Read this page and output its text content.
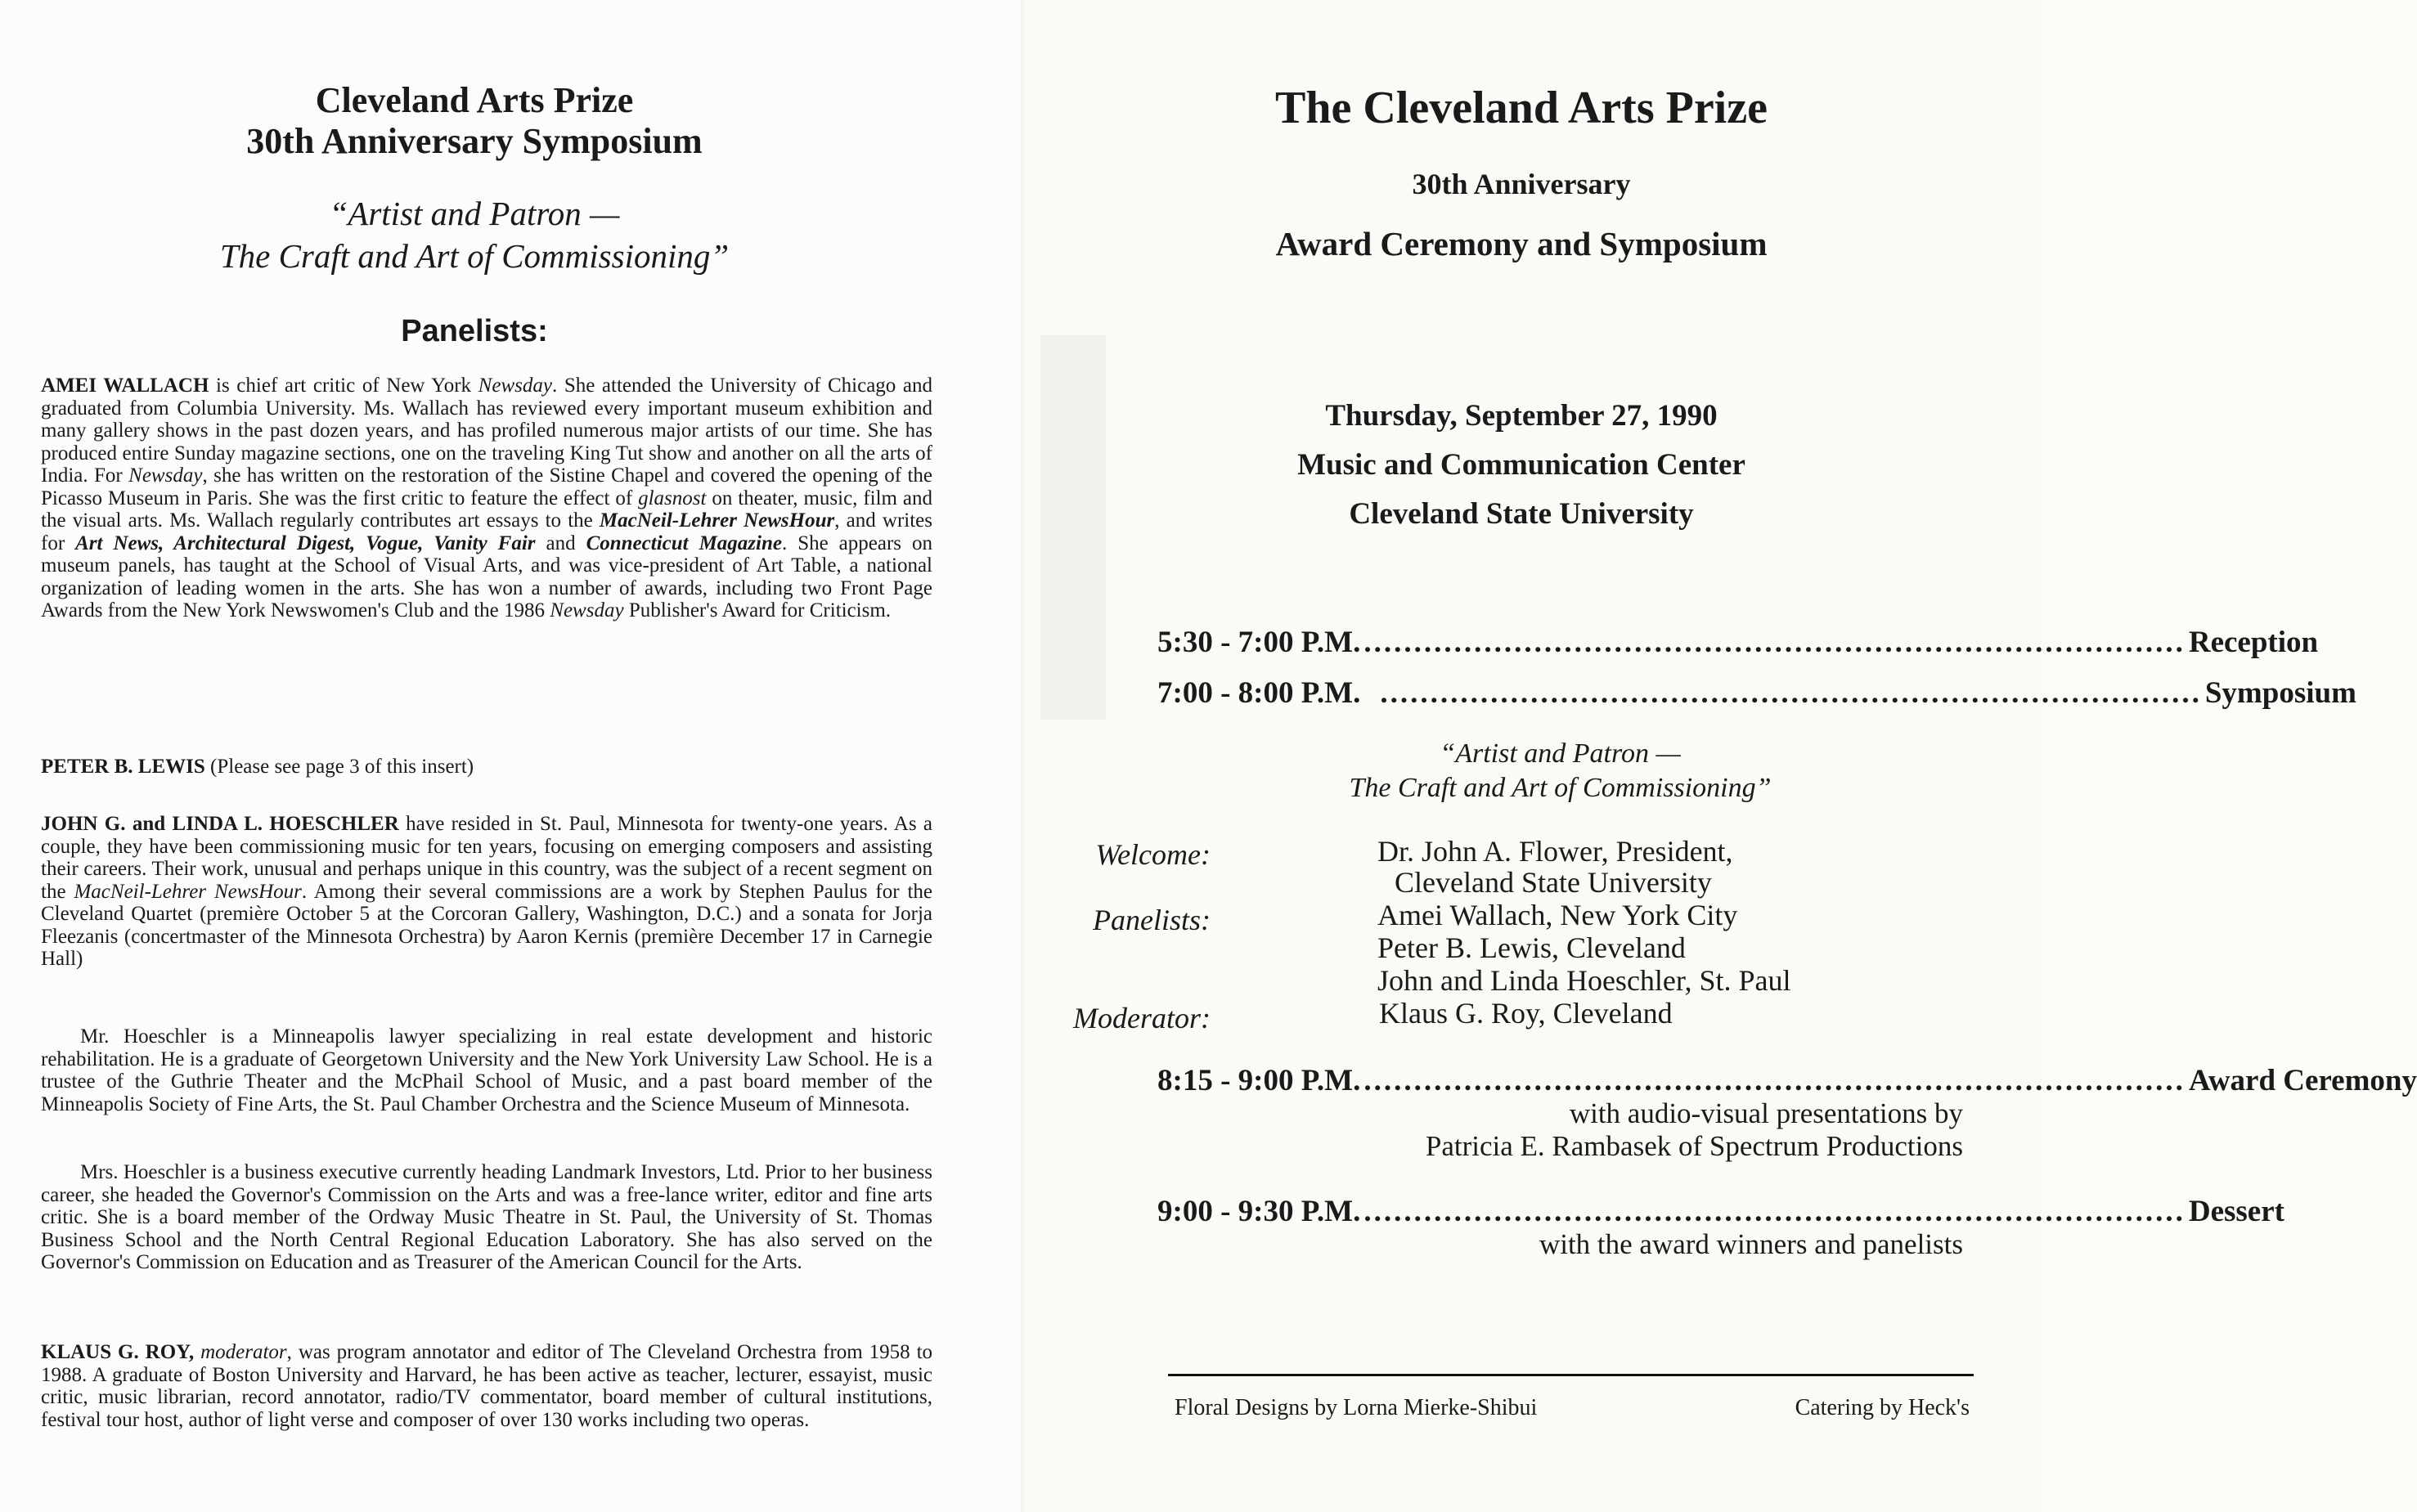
Cleveland Arts Prize
30th Anniversary Symposium
“Artist and Patron —
The Craft and Art of Commissioning”
Panelists:

AMEI WALLACH is chief art critic of New York Newsday. She attended the University of Chicago and graduated from Columbia University. Ms. Wallach has reviewed every important museum exhibition and many gallery shows in the past dozen years, and has profiled numerous major artists of our time. She has produced entire Sunday magazine sections, one on the traveling King Tut show and another on all the arts of India. For Newsday, she has written on the restoration of the Sistine Chapel and covered the opening of the Picasso Museum in Paris. She was the first critic to feature the effect of glasnost on theater, music, film and the visual arts. Ms. Wallach regularly contributes art essays to the MacNeil-Lehrer NewsHour, and writes for Art News, Architectural Digest, Vogue, Vanity Fair and Connecticut Magazine. She appears on museum panels, has taught at the School of Visual Arts, and was vice-president of Art Table, a national organization of leading women in the arts. She has won a number of awards, including two Front Page Awards from the New York Newswomen's Club and the 1986 Newsday Publisher's Award for Criticism.

PETER B. LEWIS (Please see page 3 of this insert)

JOHN G. and LINDA L. HOESCHLER have resided in St. Paul, Minnesota for twenty-one years. As a couple, they have been commissioning music for ten years, focusing on emerging composers and assisting their careers. Their work, unusual and perhaps unique in this country, was the subject of a recent segment on the MacNeil-Lehrer NewsHour. Among their several commissions are a work by Stephen Paulus for the Cleveland Quartet (première October 5 at the Corcoran Gallery, Washington, D.C.) and a sonata for Jorja Fleezanis (concertmaster of the Minnesota Orchestra) by Aaron Kernis (première December 17 in Carnegie Hall)

Mr. Hoeschler is a Minneapolis lawyer specializing in real estate development and historic rehabilitation. He is a graduate of Georgetown University and the New York University Law School. He is a trustee of the Guthrie Theater and the McPhail School of Music, and a past board member of the Minneapolis Society of Fine Arts, the St. Paul Chamber Orchestra and the Science Museum of Minnesota.

Mrs. Hoeschler is a business executive currently heading Landmark Investors, Ltd. Prior to her business career, she headed the Governor's Commission on the Arts and was a free-lance writer, editor and fine arts critic. She is a board member of the Ordway Music Theatre in St. Paul, the University of St. Thomas Business School and the North Central Regional Education Laboratory. She has also served on the Governor's Commission on Education and as Treasurer of the American Council for the Arts.

KLAUS G. ROY, moderator, was program annotator and editor of The Cleveland Orchestra from 1958 to 1988. A graduate of Boston University and Harvard, he has been active as teacher, lecturer, essayist, music critic, music librarian, record annotator, radio/TV commentator, board member of cultural institutions, festival tour host, author of light verse and composer of over 130 works including two operas.

The Cleveland Arts Prize
30th Anniversary
Award Ceremony and Symposium
Thursday, September 27, 1990
Music and Communication Center
Cleveland State University
5:30 - 7:00 P.M. .................................................................................. Reception
7:00 - 8:00 P.M. .................................................................................. Symposium
“Artist and Patron —
The Craft and Art of Commissioning”
Welcome:	Dr. John A. Flower, President,
Cleveland State University
Panelists:	Amei Wallach, New York City
Peter B. Lewis, Cleveland
John and Linda Hoeschler, St. Paul
Moderator:	Klaus G. Roy, Cleveland
8:15 - 9:00 P.M. .................................................................................. Award Ceremony
with audio-visual presentations by
Patricia E. Rambasek of Spectrum Productions
9:00 - 9:30 P.M. .................................................................................. Dessert
with the award winners and panelists
Floral Designs by Lorna Mierke-Shibui	Catering by Heck's
